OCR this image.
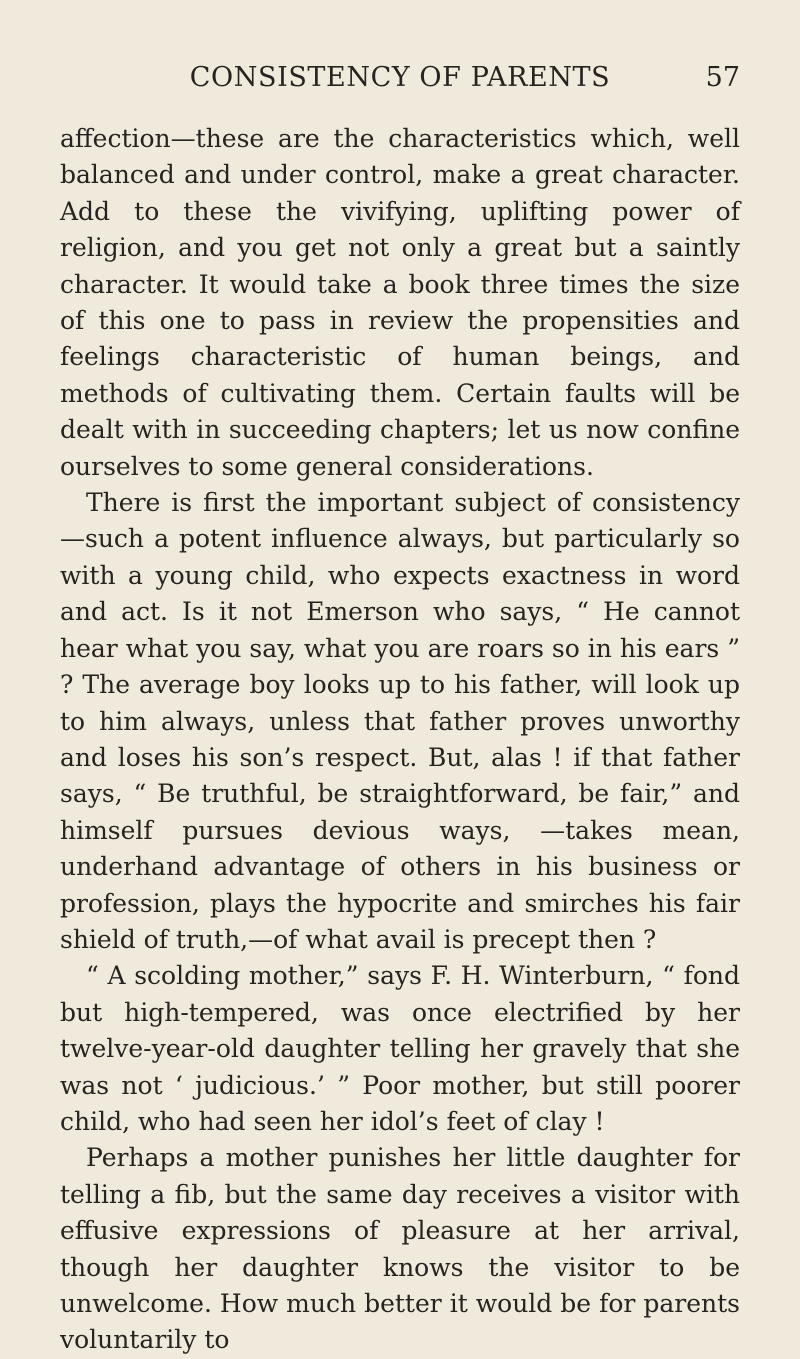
CONSISTENCY OF PARENTS	57

affection—these are the characteristics which, well balanced and under control, make a great character. Add to these the vivifying, uplifting power of religion, and you get not only a great but a saintly character. It would take a book three times the size of this one to pass in review the propensities and feelings characteristic of human beings, and methods of cultivating them. Certain faults will be dealt with in succeeding chapters; let us now confine ourselves to some general considerations.

There is first the important subject of consistency—such a potent influence always, but particularly so with a young child, who expects exactness in word and act. Is it not Emerson who says, “ He cannot hear what you say, what you are roars so in his ears ” ? The average boy looks up to his father, will look up to him always, unless that father proves unworthy and loses his son’s respect. But, alas ! if that father says, “ Be truthful, be straightforward, be fair,” and himself pursues devious ways, —takes mean, underhand advantage of others in his business or profession, plays the hypocrite and smirches his fair shield of truth,—of what avail is precept then ?

“ A scolding mother,” says F. H. Winterburn, “ fond but high-tempered, was once electrified by her twelve-year-old daughter telling her gravely that she was not ‘ judicious.’ ” Poor mother, but still poorer child, who had seen her idol’s feet of clay !

Perhaps a mother punishes her little daughter for telling a fib, but the same day receives a visitor with effusive expressions of pleasure at her arrival, though her daughter knows the visitor to be unwelcome. How much better it would be for parents voluntarily to
